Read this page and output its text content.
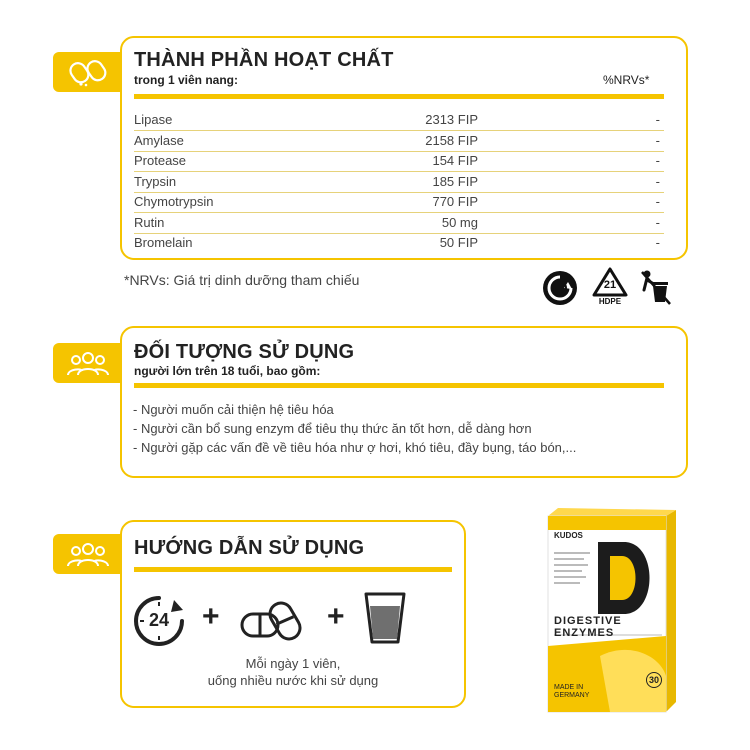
THÀNH PHẦN HOẠT CHẤT
trong 1 viên nang:	%NRVs*
Lipase	2313 FIP	-
Amylase	2158 FIP	-
Protease	154 FIP	-
Trypsin	185 FIP	-
Chymotrypsin	770 FIP	-
Rutin	50 mg	-
Bromelain	50 FIP	-
*NRVs: Giá trị dinh dưỡng tham chiếu	21
HDPE
ĐỐI TƯỢNG SỬ DỤNG
người lớn trên 18 tuổi, bao gồm:
- Người muốn cải thiện hệ tiêu hóa
- Người cần bổ sung enzym để tiêu thụ thức ăn tốt hơn, dễ dàng hơn
- Người gặp các vấn đề về tiêu hóa như ợ hơi, khó tiêu, đầy bụng, táo bón,...
HƯỚNG DẪN SỬ DỤNG
24	+	+
Mỗi ngày 1 viên,
uống nhiều nước khi sử dụng
KUDOS
DIGESTIVE
ENZYMES
MADE IN
GERMANY
30
